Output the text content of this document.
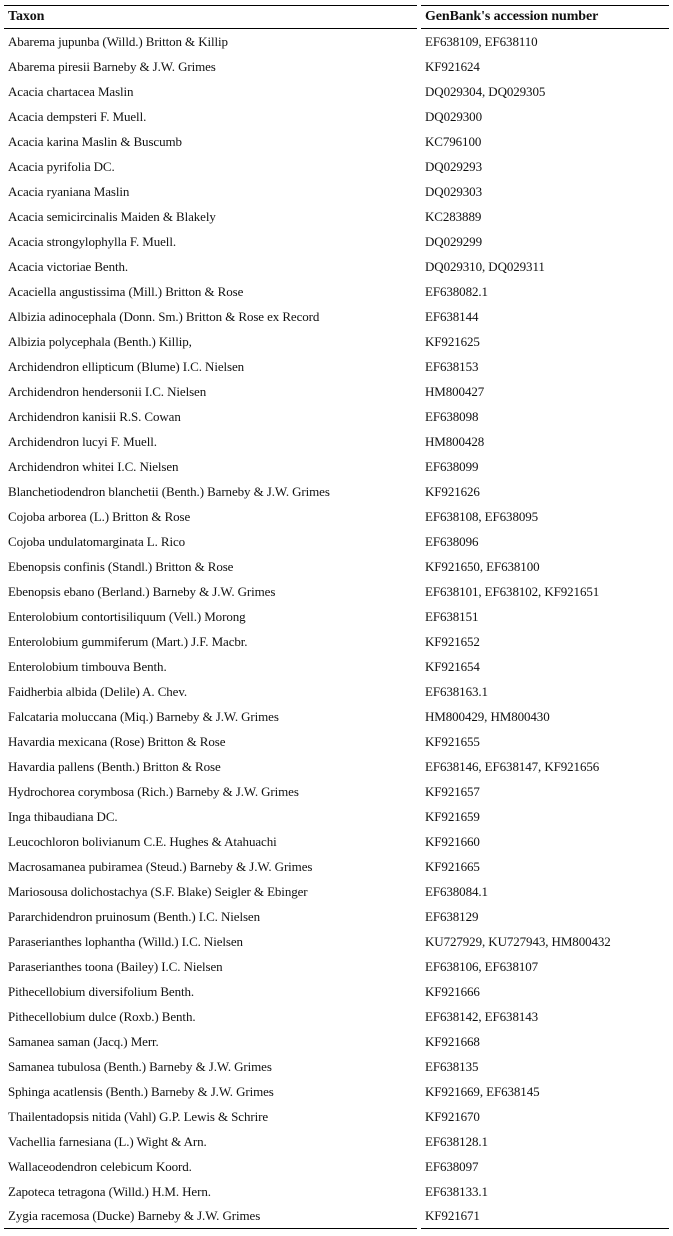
Taxon	GenBank's accession number
Abarema jupunba (Willd.) Britton & Killip	EF638109, EF638110
Abarema piresii Barneby & J.W. Grimes	KF921624
Acacia chartacea Maslin	DQ029304, DQ029305
Acacia dempsteri F. Muell.	DQ029300
Acacia karina Maslin & Buscumb	KC796100
Acacia pyrifolia DC.	DQ029293
Acacia ryaniana Maslin	DQ029303
Acacia semicircinalis Maiden & Blakely	KC283889
Acacia strongylophylla F. Muell.	DQ029299
Acacia victoriae Benth.	DQ029310, DQ029311
Acaciella angustissima (Mill.) Britton & Rose	EF638082.1
Albizia adinocephala (Donn. Sm.) Britton & Rose ex Record	EF638144
Albizia polycephala (Benth.) Killip,	KF921625
Archidendron ellipticum (Blume) I.C. Nielsen	EF638153
Archidendron hendersonii I.C. Nielsen	HM800427
Archidendron kanisii R.S. Cowan	EF638098
Archidendron lucyi F. Muell.	HM800428
Archidendron whitei I.C. Nielsen	EF638099
Blanchetiodendron blanchetii (Benth.) Barneby & J.W. Grimes	KF921626
Cojoba arborea (L.) Britton & Rose	EF638108, EF638095
Cojoba undulatomarginata L. Rico	EF638096
Ebenopsis confinis (Standl.) Britton & Rose	KF921650, EF638100
Ebenopsis ebano (Berland.) Barneby & J.W. Grimes	EF638101, EF638102, KF921651
Enterolobium contortisiliquum (Vell.) Morong	EF638151
Enterolobium gummiferum (Mart.) J.F. Macbr.	KF921652
Enterolobium timbouva Benth.	KF921654
Faidherbia albida (Delile) A. Chev.	EF638163.1
Falcataria moluccana (Miq.) Barneby & J.W. Grimes	HM800429, HM800430
Havardia mexicana (Rose) Britton & Rose	KF921655
Havardia pallens (Benth.) Britton & Rose	EF638146, EF638147, KF921656
Hydrochorea corymbosa (Rich.) Barneby & J.W. Grimes	KF921657
Inga thibaudiana DC.	KF921659
Leucochloron bolivianum C.E. Hughes & Atahuachi	KF921660
Macrosamanea pubiramea (Steud.) Barneby & J.W. Grimes	KF921665
Mariosousa dolichostachya (S.F. Blake) Seigler & Ebinger	EF638084.1
Pararchidendron pruinosum (Benth.) I.C. Nielsen	EF638129
Paraserianthes lophantha (Willd.) I.C. Nielsen	KU727929, KU727943, HM800432
Paraserianthes toona (Bailey) I.C. Nielsen	EF638106, EF638107
Pithecellobium diversifolium Benth.	KF921666
Pithecellobium dulce (Roxb.) Benth.	EF638142, EF638143
Samanea saman (Jacq.) Merr.	KF921668
Samanea tubulosa (Benth.) Barneby & J.W. Grimes	EF638135
Sphinga acatlensis (Benth.) Barneby & J.W. Grimes	KF921669, EF638145
Thailentadopsis nitida (Vahl) G.P. Lewis & Schrire	KF921670
Vachellia farnesiana (L.) Wight & Arn.	EF638128.1
Wallaceodendron celebicum Koord.	EF638097
Zapoteca tetragona (Willd.) H.M. Hern.	EF638133.1
Zygia racemosa (Ducke) Barneby & J.W. Grimes	KF921671
